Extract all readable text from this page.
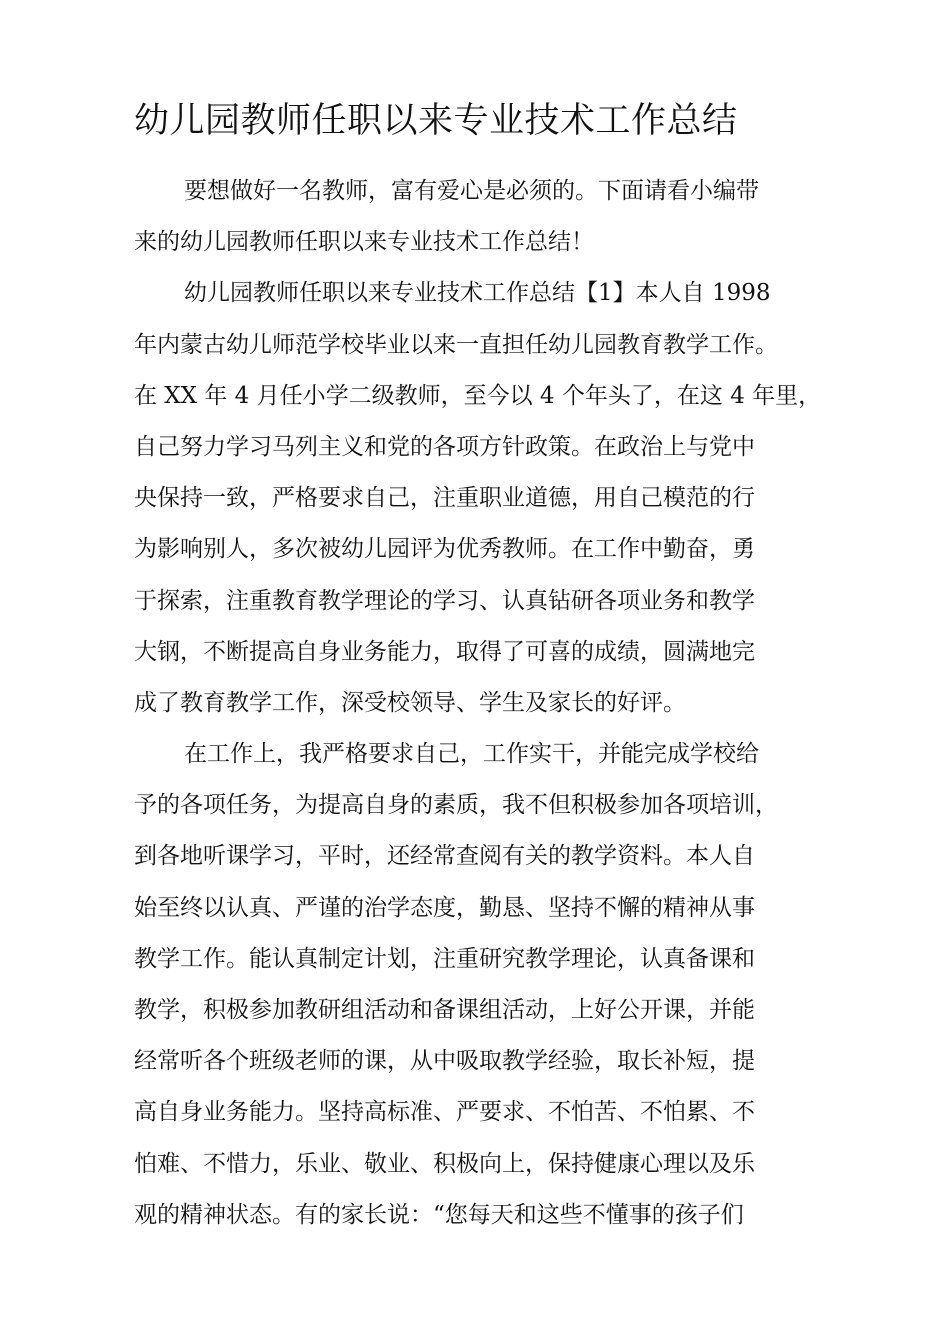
幼儿园教师任职以来专业技术工作总结
要想做好一名教师，富有爱心是必须的。下面请看小编带
来的幼儿园教师任职以来专业技术工作总结！
幼儿园教师任职以来专业技术工作总结【1】本人自 1998
年内蒙古幼儿师范学校毕业以来一直担任幼儿园教育教学工作。
在 XX 年 4 月任小学二级教师，至今以 4 个年头了，在这 4 年里，
自己努力学习马列主义和党的各项方针政策。在政治上与党中
央保持一致，严格要求自己，注重职业道德，用自己模范的行
为影响别人，多次被幼儿园评为优秀教师。在工作中勤奋，勇
于探索，注重教育教学理论的学习、认真钻研各项业务和教学
大钢，不断提高自身业务能力，取得了可喜的成绩，圆满地完
成了教育教学工作，深受校领导、学生及家长的好评。
在工作上，我严格要求自己，工作实干，并能完成学校给
予的各项任务，为提高自身的素质，我不但积极参加各项培训，
到各地听课学习，平时，还经常查阅有关的教学资料。本人自
始至终以认真、严谨的治学态度，勤恳、坚持不懈的精神从事
教学工作。能认真制定计划，注重研究教学理论，认真备课和
教学，积极参加教研组活动和备课组活动，上好公开课，并能
经常听各个班级老师的课，从中吸取教学经验，取长补短，提
高自身业务能力。坚持高标准、严要求、不怕苦、不怕累、不
怕难、不惜力，乐业、敬业、积极向上，保持健康心理以及乐
观的精神状态。有的家长说：“您每天和这些不懂事的孩子们
